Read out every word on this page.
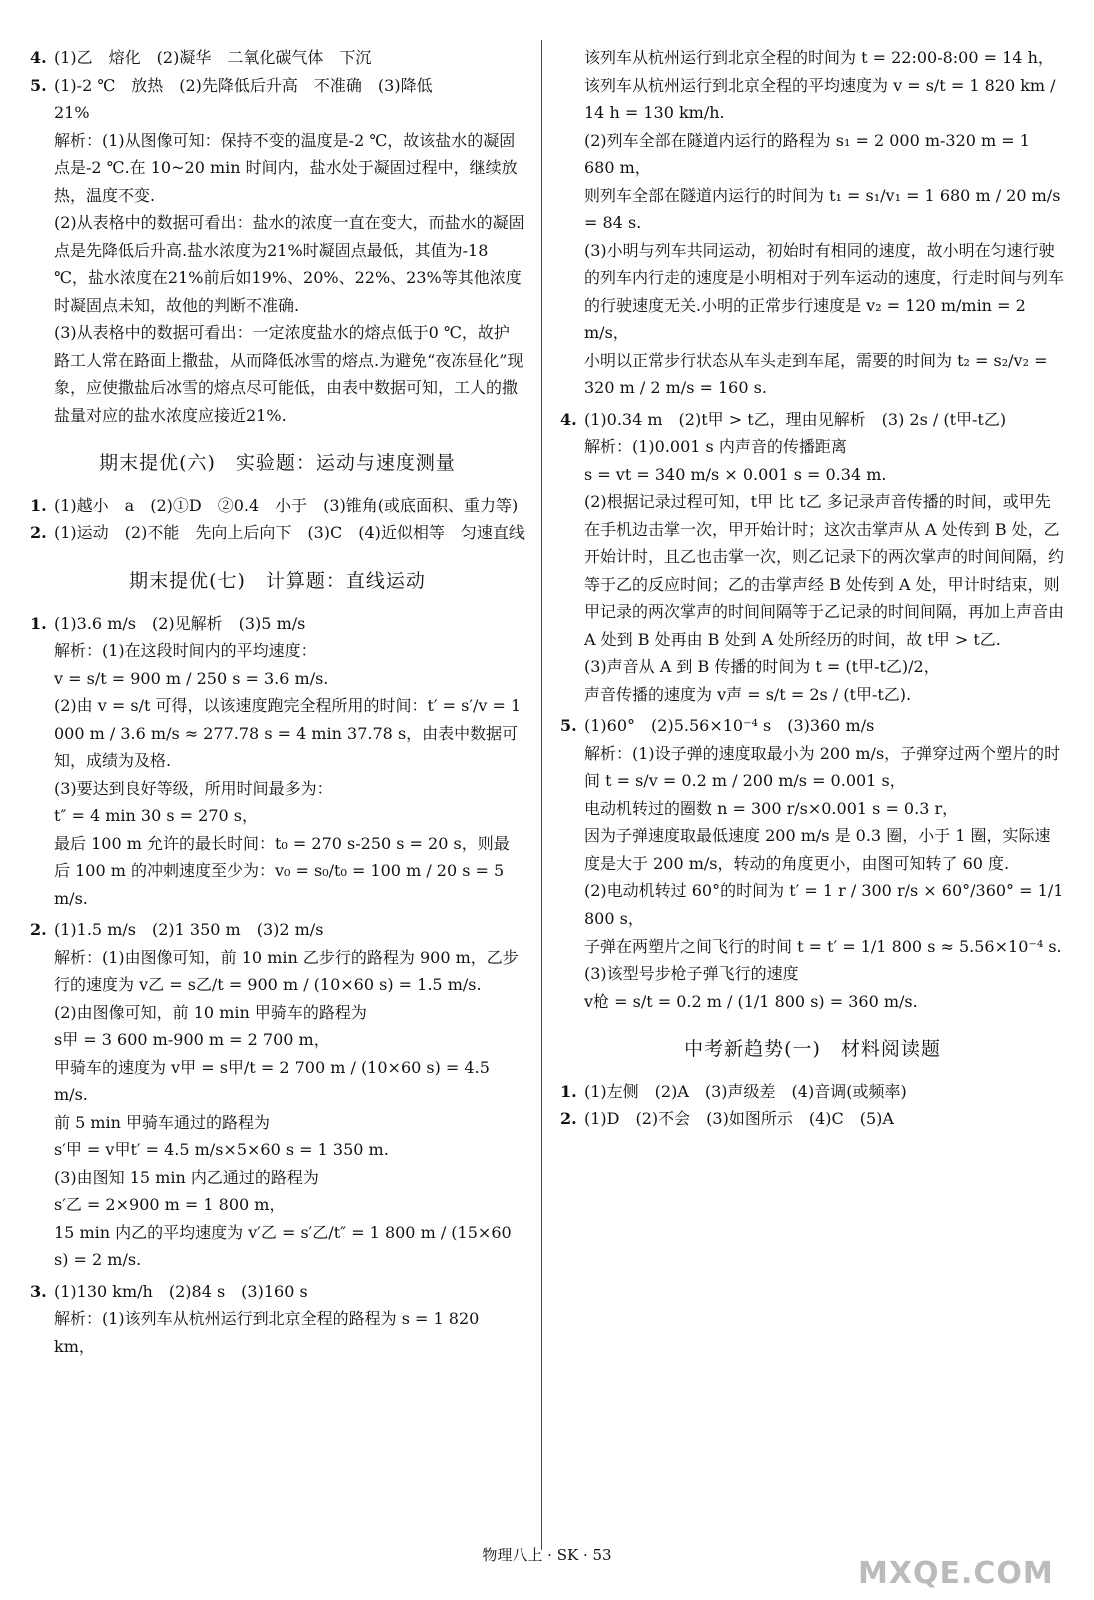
4. (1)乙　熔化　(2)凝华　二氧化碳气体　下沉
5. (1)-2 ℃　放热　(2)先降低后升高　不准确　(3)降低

21%

解析：(1)从图像可知：保持不变的温度是-2 ℃，故该盐水的凝固点是-2 ℃.在 10~20 min 时间内，盐水处于凝固过程中，继续放热，温度不变.

(2)从表格中的数据可看出：盐水的浓度一直在变大，而盐水的凝固点是先降低后升高.盐水浓度为21%时凝固点最低，其值为-18 ℃，盐水浓度在21%前后如19%、20%、22%、23%等其他浓度时凝固点未知，故他的判断不准确.

(3)从表格中的数据可看出：一定浓度盐水的熔点低于0 ℃，故护路工人常在路面上撒盐，从而降低冰雪的熔点.为避免“夜冻昼化”现象，应使撒盐后冰雪的熔点尽可能低，由表中数据可知，工人的撒盐量对应的盐水浓度应接近21%.

期末提优(六)　实验题：运动与速度测量
1. (1)越小　a　(2)①D　②0.4　小于　(3)锥角(或底面积、重力等)
2. (1)运动　(2)不能　先向上后向下　(3)C　(4)近似相等　匀速直线
期末提优(七)　计算题：直线运动
1. (1)3.6 m/s　(2)见解析　(3)5 m/s

解析：(1)在这段时间内的平均速度：

v = s/t = 900 m / 250 s = 3.6 m/s.

(2)由 v = s/t 可得，以该速度跑完全程所用的时间：t′ = s′/v = 1 000 m / 3.6 m/s ≈ 277.78 s = 4 min 37.78 s，由表中数据可知，成绩为及格.

(3)要达到良好等级，所用时间最多为：

t″ = 4 min 30 s = 270 s，

最后 100 m 允许的最长时间：t₀ = 270 s-250 s = 20 s，则最后 100 m 的冲刺速度至少为：v₀ = s₀/t₀ = 100 m / 20 s = 5 m/s.

2. (1)1.5 m/s　(2)1 350 m　(3)2 m/s

解析：(1)由图像可知，前 10 min 乙步行的路程为 900 m，乙步行的速度为 v乙 = s乙/t = 900 m / (10×60 s) = 1.5 m/s.

(2)由图像可知，前 10 min 甲骑车的路程为

s甲 = 3 600 m-900 m = 2 700 m，

甲骑车的速度为 v甲 = s甲/t = 2 700 m / (10×60 s) = 4.5 m/s.

前 5 min 甲骑车通过的路程为

s′甲 = v甲t′ = 4.5 m/s×5×60 s = 1 350 m.

(3)由图知 15 min 内乙通过的路程为

s′乙 = 2×900 m = 1 800 m，

15 min 内乙的平均速度为 v′乙 = s′乙/t″ = 1 800 m / (15×60 s) = 2 m/s.

3. (1)130 km/h　(2)84 s　(3)160 s

解析：(1)该列车从杭州运行到北京全程的路程为 s = 1 820 km，

该列车从杭州运行到北京全程的时间为 t = 22:00-8:00 = 14 h，

该列车从杭州运行到北京全程的平均速度为 v = s/t = 1 820 km / 14 h = 130 km/h.

(2)列车全部在隧道内运行的路程为 s₁ = 2 000 m-320 m = 1 680 m，

则列车全部在隧道内运行的时间为 t₁ = s₁/v₁ = 1 680 m / 20 m/s = 84 s.

(3)小明与列车共同运动，初始时有相同的速度，故小明在匀速行驶的列车内行走的速度是小明相对于列车运动的速度，行走时间与列车的行驶速度无关.小明的正常步行速度是 v₂ = 120 m/min = 2 m/s，

小明以正常步行状态从车头走到车尾，需要的时间为 t₂ = s₂/v₂ = 320 m / 2 m/s = 160 s.

4. (1)0.34 m　(2)t甲 > t乙，理由见解析　(3) 2s / (t甲-t乙)

解析：(1)0.001 s 内声音的传播距离

s = vt = 340 m/s × 0.001 s = 0.34 m.

(2)根据记录过程可知，t甲 比 t乙 多记录声音传播的时间，或甲先在手机边击掌一次，甲开始计时；这次击掌声从 A 处传到 B 处，乙开始计时，且乙也击掌一次，则乙记录下的两次掌声的时间间隔，约等于乙的反应时间；乙的击掌声经 B 处传到 A 处，甲计时结束，则甲记录的两次掌声的时间间隔等于乙记录的时间间隔，再加上声音由 A 处到 B 处再由 B 处到 A 处所经历的时间，故 t甲 > t乙.

(3)声音从 A 到 B 传播的时间为 t = (t甲-t乙)/2，

声音传播的速度为 v声 = s/t = 2s / (t甲-t乙).

5. (1)60°　(2)5.56×10⁻⁴ s　(3)360 m/s

解析：(1)设子弹的速度取最小为 200 m/s，子弹穿过两个塑片的时间 t = s/v = 0.2 m / 200 m/s = 0.001 s，

电动机转过的圈数 n = 300 r/s×0.001 s = 0.3 r，

因为子弹速度取最低速度 200 m/s 是 0.3 圈，小于 1 圈，实际速度是大于 200 m/s，转动的角度更小，由图可知转了 60 度.

(2)电动机转过 60°的时间为 t′ = 1 r / 300 r/s × 60°/360° = 1/1 800 s，

子弹在两塑片之间飞行的时间 t = t′ = 1/1 800 s ≈ 5.56×10⁻⁴ s.

(3)该型号步枪子弹飞行的速度

v枪 = s/t = 0.2 m / (1/1 800 s) = 360 m/s.

中考新趋势(一)　材料阅读题
1. (1)左侧　(2)A　(3)声级差　(4)音调(或频率)
2. (1)D　(2)不会　(3)如图所示　(4)C　(5)A
物理八上 · SK · 53
MXQE.COM
